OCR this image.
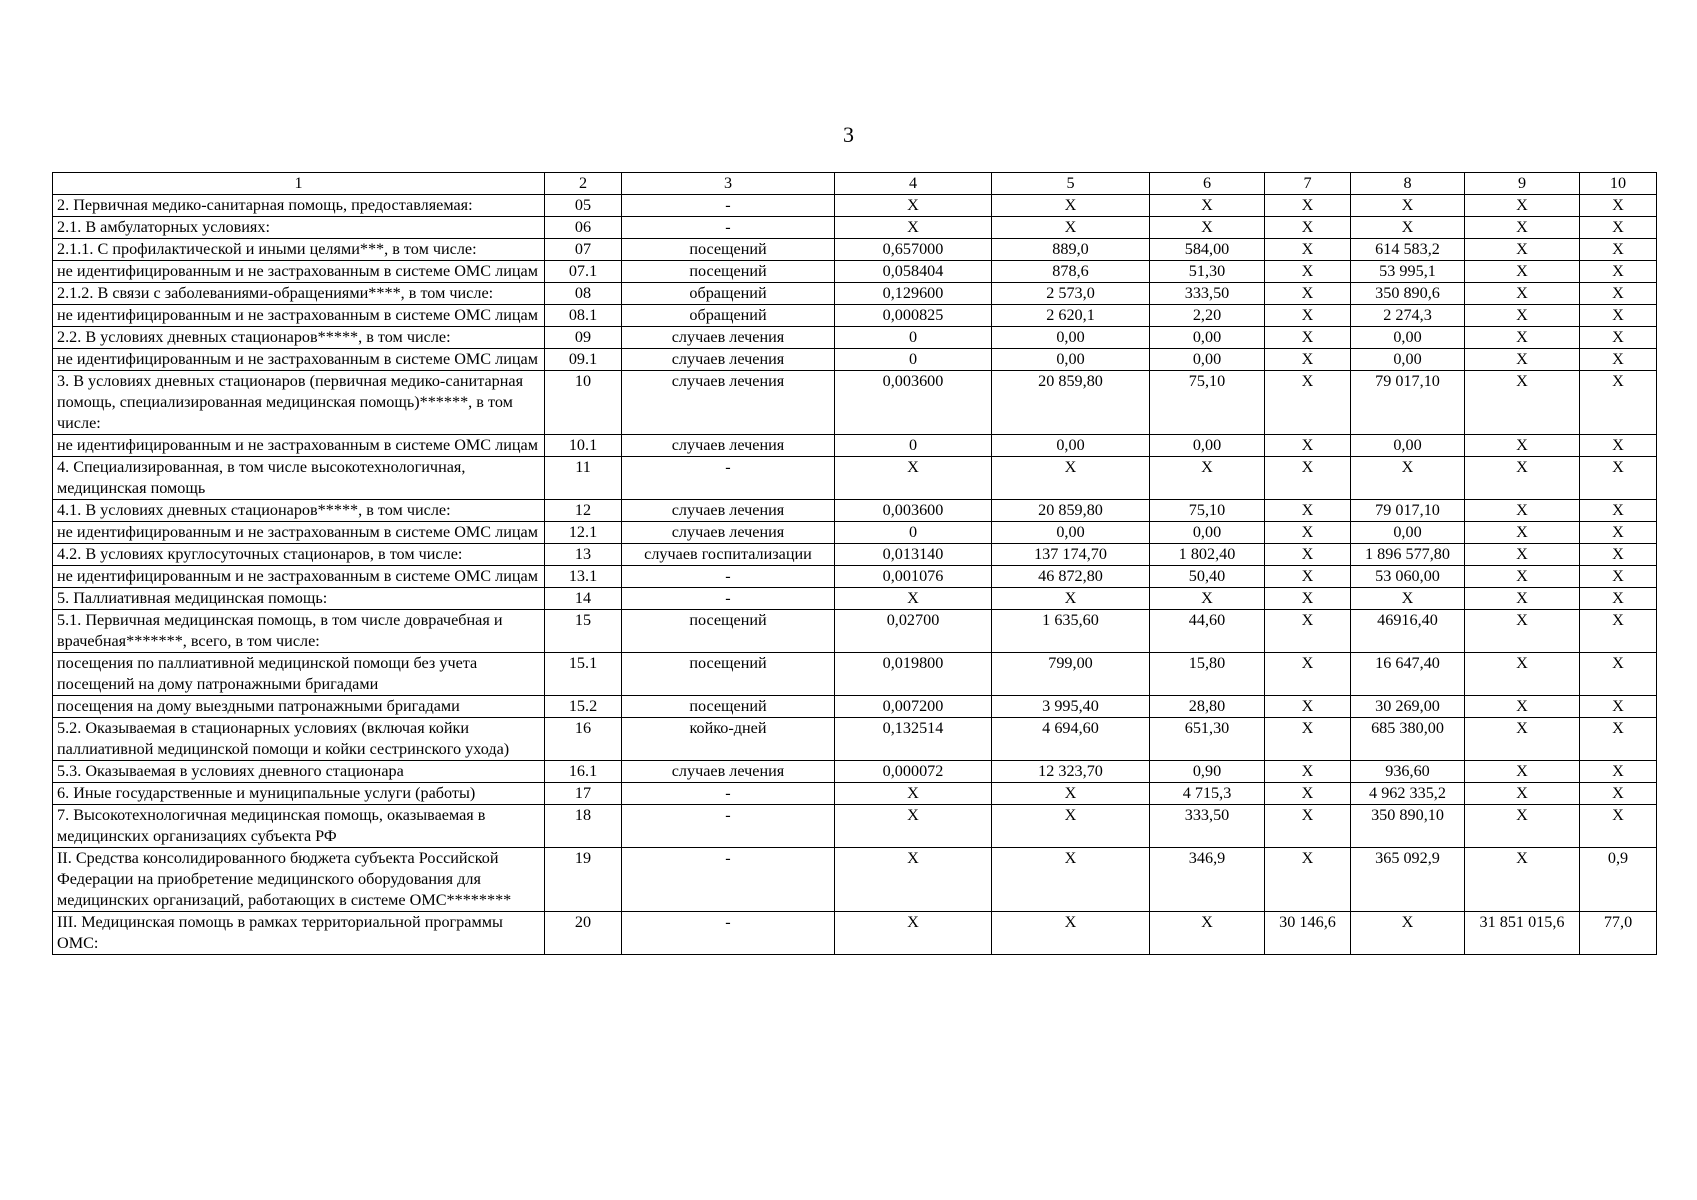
3
1	2	3	4	5	6	7	8	9	10
2. Первичная медико-санитарная помощь, предоставляемая:	05	-	Х	Х	Х	Х	Х	Х	Х
2.1. В амбулаторных условиях:	06	-	Х	Х	Х	Х	Х	Х	Х
2.1.1. С профилактической и иными целями***, в том числе:	07	посещений	0,657000	889,0	584,00	Х	614 583,2	Х	Х
не идентифицированным и не застрахованным в системе ОМС лицам	07.1	посещений	0,058404	878,6	51,30	Х	53 995,1	Х	Х
2.1.2. В связи с заболеваниями-обращениями****, в том числе:	08	обращений	0,129600	2 573,0	333,50	Х	350 890,6	Х	Х
не идентифицированным и не застрахованным в системе ОМС лицам	08.1	обращений	0,000825	2 620,1	2,20	Х	2 274,3	Х	Х
2.2. В условиях дневных стационаров*****, в том числе:	09	случаев лечения	0	0,00	0,00	Х	0,00	Х	Х
не идентифицированным и не застрахованным в системе ОМС лицам	09.1	случаев лечения	0	0,00	0,00	Х	0,00	Х	Х
3. В условиях дневных стационаров (первичная медико-санитарная помощь, специализированная медицинская помощь)******, в том числе:	10	случаев лечения	0,003600	20 859,80	75,10	Х	79 017,10	Х	Х
не идентифицированным и не застрахованным в системе ОМС лицам	10.1	случаев лечения	0	0,00	0,00	Х	0,00	Х	Х
4. Специализированная, в том числе высокотехнологичная, медицинская помощь	11	-	Х	Х	Х	Х	Х	Х	Х
4.1. В условиях дневных стационаров*****, в том числе:	12	случаев лечения	0,003600	20 859,80	75,10	Х	79 017,10	Х	Х
не идентифицированным и не застрахованным в системе ОМС лицам	12.1	случаев лечения	0	0,00	0,00	Х	0,00	Х	Х
4.2. В условиях круглосуточных стационаров, в том числе:	13	случаев госпитализации	0,013140	137 174,70	1 802,40	Х	1 896 577,80	Х	Х
не идентифицированным и не застрахованным в системе ОМС лицам	13.1	-	0,001076	46 872,80	50,40	Х	53 060,00	Х	Х
5. Паллиативная медицинская помощь:	14	-	Х	Х	Х	Х	Х	Х	Х
5.1. Первичная медицинская помощь, в том числе доврачебная и врачебная*******, всего, в том числе:	15	посещений	0,02700	1 635,60	44,60	Х	46916,40	Х	Х
посещения по паллиативной медицинской помощи без учета посещений на дому патронажными бригадами	15.1	посещений	0,019800	799,00	15,80	Х	16 647,40	Х	Х
посещения на дому выездными патронажными бригадами	15.2	посещений	0,007200	3 995,40	28,80	Х	30 269,00	Х	Х
5.2. Оказываемая в стационарных условиях (включая койки паллиативной медицинской помощи и койки сестринского ухода)	16	койко-дней	0,132514	4 694,60	651,30	Х	685 380,00	Х	Х
5.3. Оказываемая в условиях дневного стационара	16.1	случаев лечения	0,000072	12 323,70	0,90	Х	936,60	Х	Х
6. Иные государственные и муниципальные услуги (работы)	17	-	Х	Х	4 715,3	Х	4 962 335,2	Х	Х
7. Высокотехнологичная медицинская помощь, оказываемая в медицинских организациях субъекта РФ	18	-	Х	Х	333,50	Х	350 890,10	Х	Х
II. Средства консолидированного бюджета субъекта Российской Федерации на приобретение медицинского оборудования для медицинских организаций, работающих в системе ОМС********	19	-	Х	Х	346,9	Х	365 092,9	Х	0,9
III. Медицинская помощь в рамках территориальной программы ОМС:	20	-	Х	Х	Х	30 146,6	Х	31 851 015,6	77,0
